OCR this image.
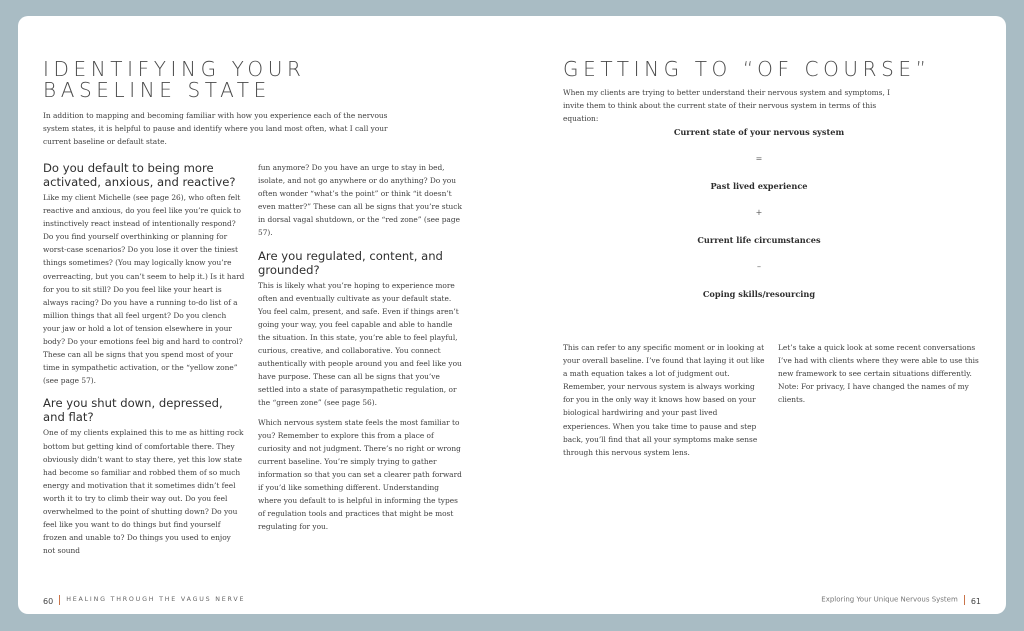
IDENTIFYING YOUR
BASELINE STATE
In addition to mapping and becoming familiar with how you experience each of the nervous system states, it is helpful to pause and identify where you land most often, what I call your current baseline or default state.
Do you default to being more activated, anxious, and reactive?

Like my client Michelle (see page 26), who often felt reactive and anxious, do you feel like you’re quick to instinctively react instead of intentionally respond? Do you find yourself overthinking or planning for worst-case scenarios? Do you lose it over the tiniest things sometimes? (You may logically know you’re overreacting, but you can’t seem to help it.) Is it hard for you to sit still? Do you feel like your heart is always racing? Do you have a running to-do list of a million things that all feel urgent? Do you clench your jaw or hold a lot of tension elsewhere in your body? Do your emotions feel big and hard to control? These can all be signs that you spend most of your time in sympathetic activation, or the “yellow zone” (see page 57).

Are you shut down, depressed, and flat?

One of my clients explained this to me as hitting rock bottom but getting kind of comfortable there. They obviously didn’t want to stay there, yet this low state had become so familiar and robbed them of so much energy and motivation that it sometimes didn’t feel worth it to try to climb their way out. Do you feel overwhelmed to the point of shutting down? Do you feel like you want to do things but find yourself frozen and unable to? Do things you used to enjoy not sound

fun anymore? Do you have an urge to stay in bed, isolate, and not go anywhere or do anything? Do you often wonder “what’s the point” or think “it doesn’t even matter?” These can all be signs that you’re stuck in dorsal vagal shutdown, or the “red zone” (see page 57).

Are you regulated, content, and grounded?

This is likely what you’re hoping to experience more often and eventually cultivate as your default state. You feel calm, present, and safe. Even if things aren’t going your way, you feel capable and able to handle the situation. In this state, you’re able to feel playful, curious, creative, and collaborative. You connect authentically with people around you and feel like you have purpose. These can all be signs that you’ve settled into a state of parasympathetic regulation, or the “green zone” (see page 56).

Which nervous system state feels the most familiar to you? Remember to explore this from a place of curiosity and not judgment. There’s no right or wrong current baseline. You’re simply trying to gather information so that you can set a clearer path forward if you’d like something different. Understanding where you default to is helpful in informing the types of regulation tools and practices that might be most regulating for you.

60 HEALING THROUGH THE VAGUS NERVE
GETTING TO “OF COURSE”
When my clients are trying to better understand their nervous system and symptoms, I invite them to think about the current state of their nervous system in terms of this equation:
Current state of your nervous system
=
Past lived experience
+
Current life circumstances
–
Coping skills/resourcing
This can refer to any specific moment or in looking at your overall baseline. I’ve found that laying it out like a math equation takes a lot of judgment out. Remember, your nervous system is always working for you in the only way it knows how based on your biological hardwiring and your past lived experiences. When you take time to pause and step back, you’ll find that all your symptoms make sense through this nervous system lens.
Let’s take a quick look at some recent conversations I’ve had with clients where they were able to use this new framework to see certain situations differently. Note: For privacy, I have changed the names of my clients.
Exploring Your Unique Nervous System 61
